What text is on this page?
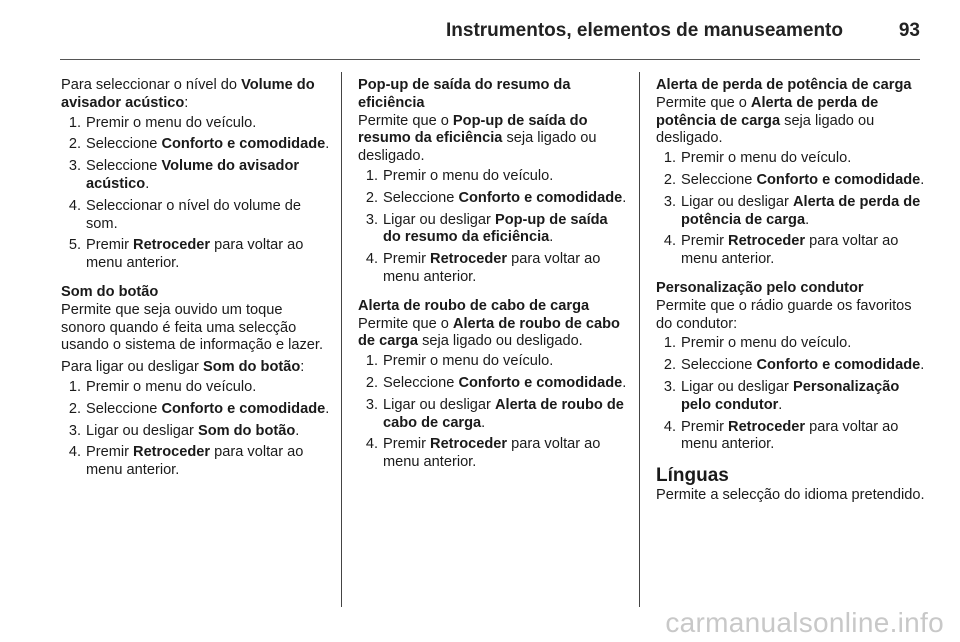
Instrumentos, elementos de manuseamento	93

Para seleccionar o nível do Volume do avisador acústico:

1. Premir o menu do veículo.
2. Seleccione Conforto e comodidade.
3. Seleccione Volume do avisador acústico.
4. Seleccionar o nível do volume de som.
5. Premir Retroceder para voltar ao menu anterior.
Som do botão

Permite que seja ouvido um toque sonoro quando é feita uma selecção usando o sistema de informação e lazer.

Para ligar ou desligar Som do botão:

1. Premir o menu do veículo.
2. Seleccione Conforto e comodidade.
3. Ligar ou desligar Som do botão.
4. Premir Retroceder para voltar ao menu anterior.
Pop-up de saída do resumo da eficiência

Permite que o Pop-up de saída do resumo da eficiência seja ligado ou desligado.

1. Premir o menu do veículo.
2. Seleccione Conforto e comodidade.
3. Ligar ou desligar Pop-up de saída do resumo da eficiência.
4. Premir Retroceder para voltar ao menu anterior.
Alerta de roubo de cabo de carga

Permite que o Alerta de roubo de cabo de carga seja ligado ou desligado.

1. Premir o menu do veículo.
2. Seleccione Conforto e comodidade.
3. Ligar ou desligar Alerta de roubo de cabo de carga.
4. Premir Retroceder para voltar ao menu anterior.
Alerta de perda de potência de carga

Permite que o Alerta de perda de potência de carga seja ligado ou desligado.

1. Premir o menu do veículo.
2. Seleccione Conforto e comodidade.
3. Ligar ou desligar Alerta de perda de potência de carga.
4. Premir Retroceder para voltar ao menu anterior.
Personalização pelo condutor

Permite que o rádio guarde os favoritos do condutor:

1. Premir o menu do veículo.
2. Seleccione Conforto e comodidade.
3. Ligar ou desligar Personalização pelo condutor.
4. Premir Retroceder para voltar ao menu anterior.
Línguas

Permite a selecção do idioma pretendido.

carmanualsonline.info
